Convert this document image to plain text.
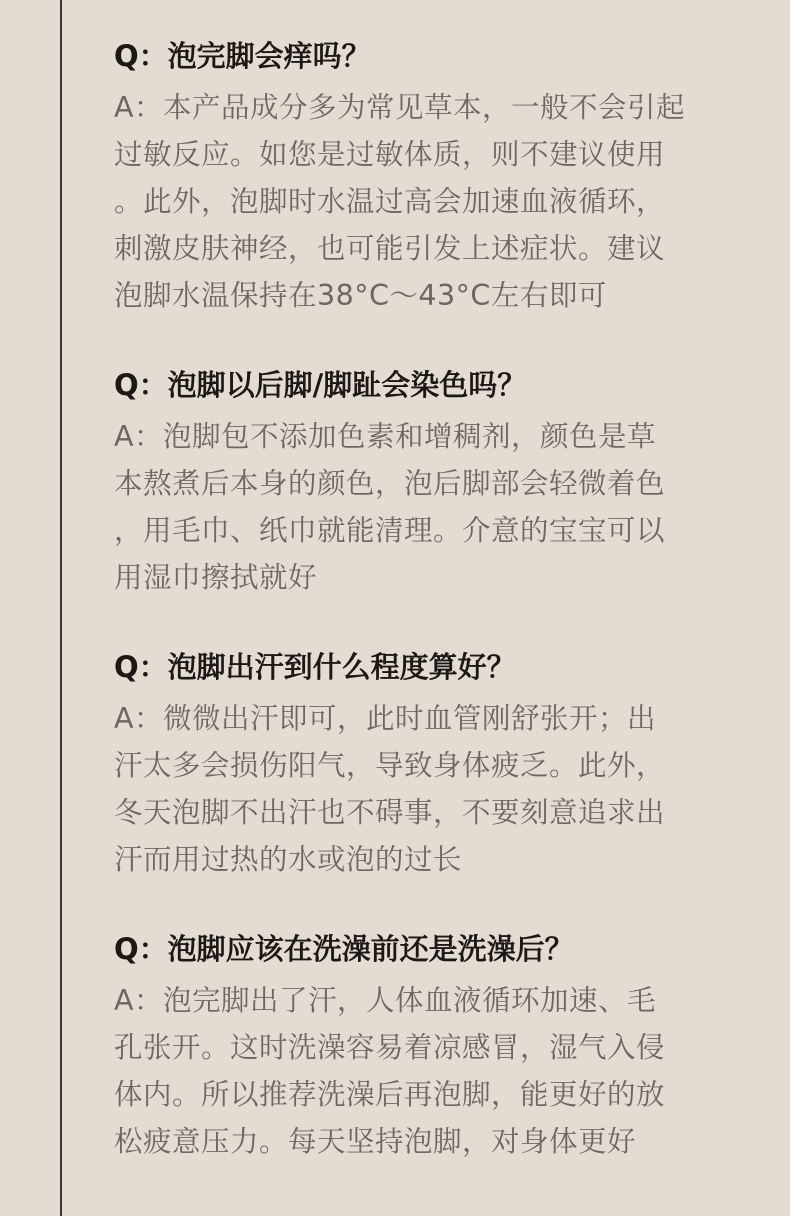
Q：泡完脚会痒吗？

A：本产品成分多为常见草本，一般不会引起
过敏反应。如您是过敏体质，则不建议使用
。此外，泡脚时水温过高会加速血液循环，
刺激皮肤神经，也可能引发上述症状。建议
泡脚水温保持在38°C～43°C左右即可

Q：泡脚以后脚/脚趾会染色吗？

A：泡脚包不添加色素和增稠剂，颜色是草
本熬煮后本身的颜色，泡后脚部会轻微着色
，用毛巾、纸巾就能清理。介意的宝宝可以
用湿巾擦拭就好

Q：泡脚出汗到什么程度算好？

A：微微出汗即可，此时血管刚舒张开；出
汗太多会损伤阳气，导致身体疲乏。此外，
冬天泡脚不出汗也不碍事，不要刻意追求出
汗而用过热的水或泡的过长

Q：泡脚应该在洗澡前还是洗澡后？

A：泡完脚出了汗，人体血液循环加速、毛
孔张开。这时洗澡容易着凉感冒，湿气入侵
体内。所以推荐洗澡后再泡脚，能更好的放
松疲意压力。每天坚持泡脚，对身体更好
